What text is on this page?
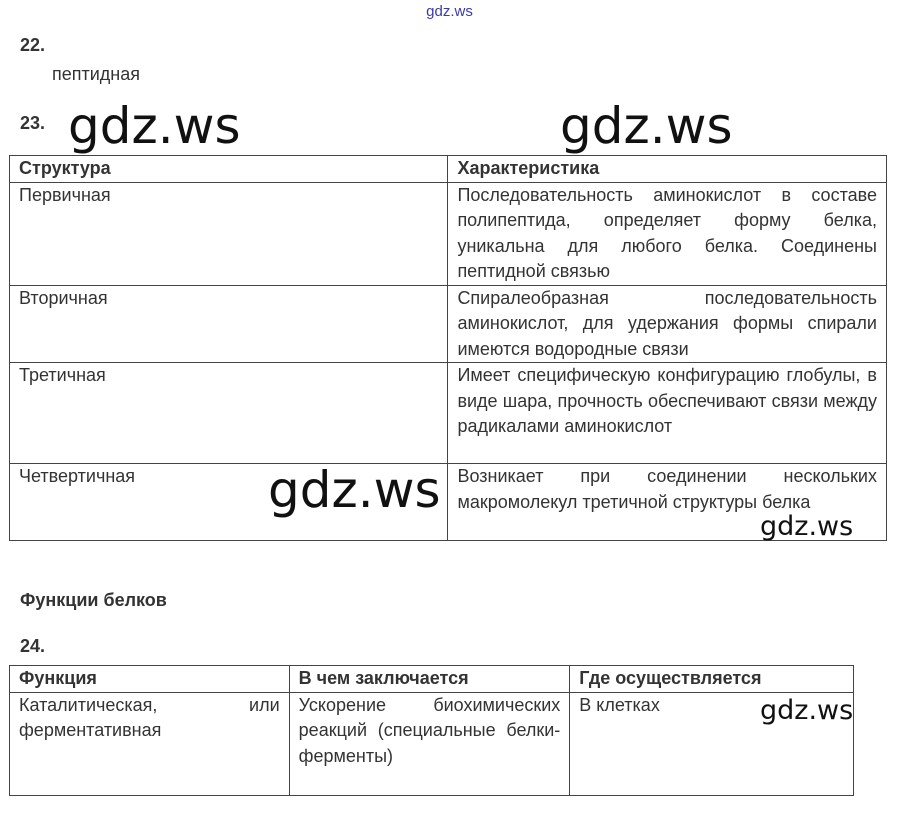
gdz.ws
22.
пептидная
23.
Структура	Характеристика
Первичная	Последовательность аминокислот в составе полипептида, определяет форму белка, уникальна для любого белка. Соединены пептидной связью
Вторичная	Спиралеобразная последовательность аминокислот, для удержания формы спирали имеются водородные связи
Третичная	Имеет специфическую конфигурацию глобулы, в виде шара, прочность обеспечивают связи между радикалами аминокислот
Четвертичная	Возникает при соединении нескольких макромолекул третичной структуры белка
Функции белков
24.
Функция	В чем заключается	Где осуществляется
Каталитическая, или ферментативная	Ускорение биохимических реакций (специальные белки-ферменты)	В клетках
gdz.ws	gdz.ws
gdz.ws
gdz.ws
gdz.ws
